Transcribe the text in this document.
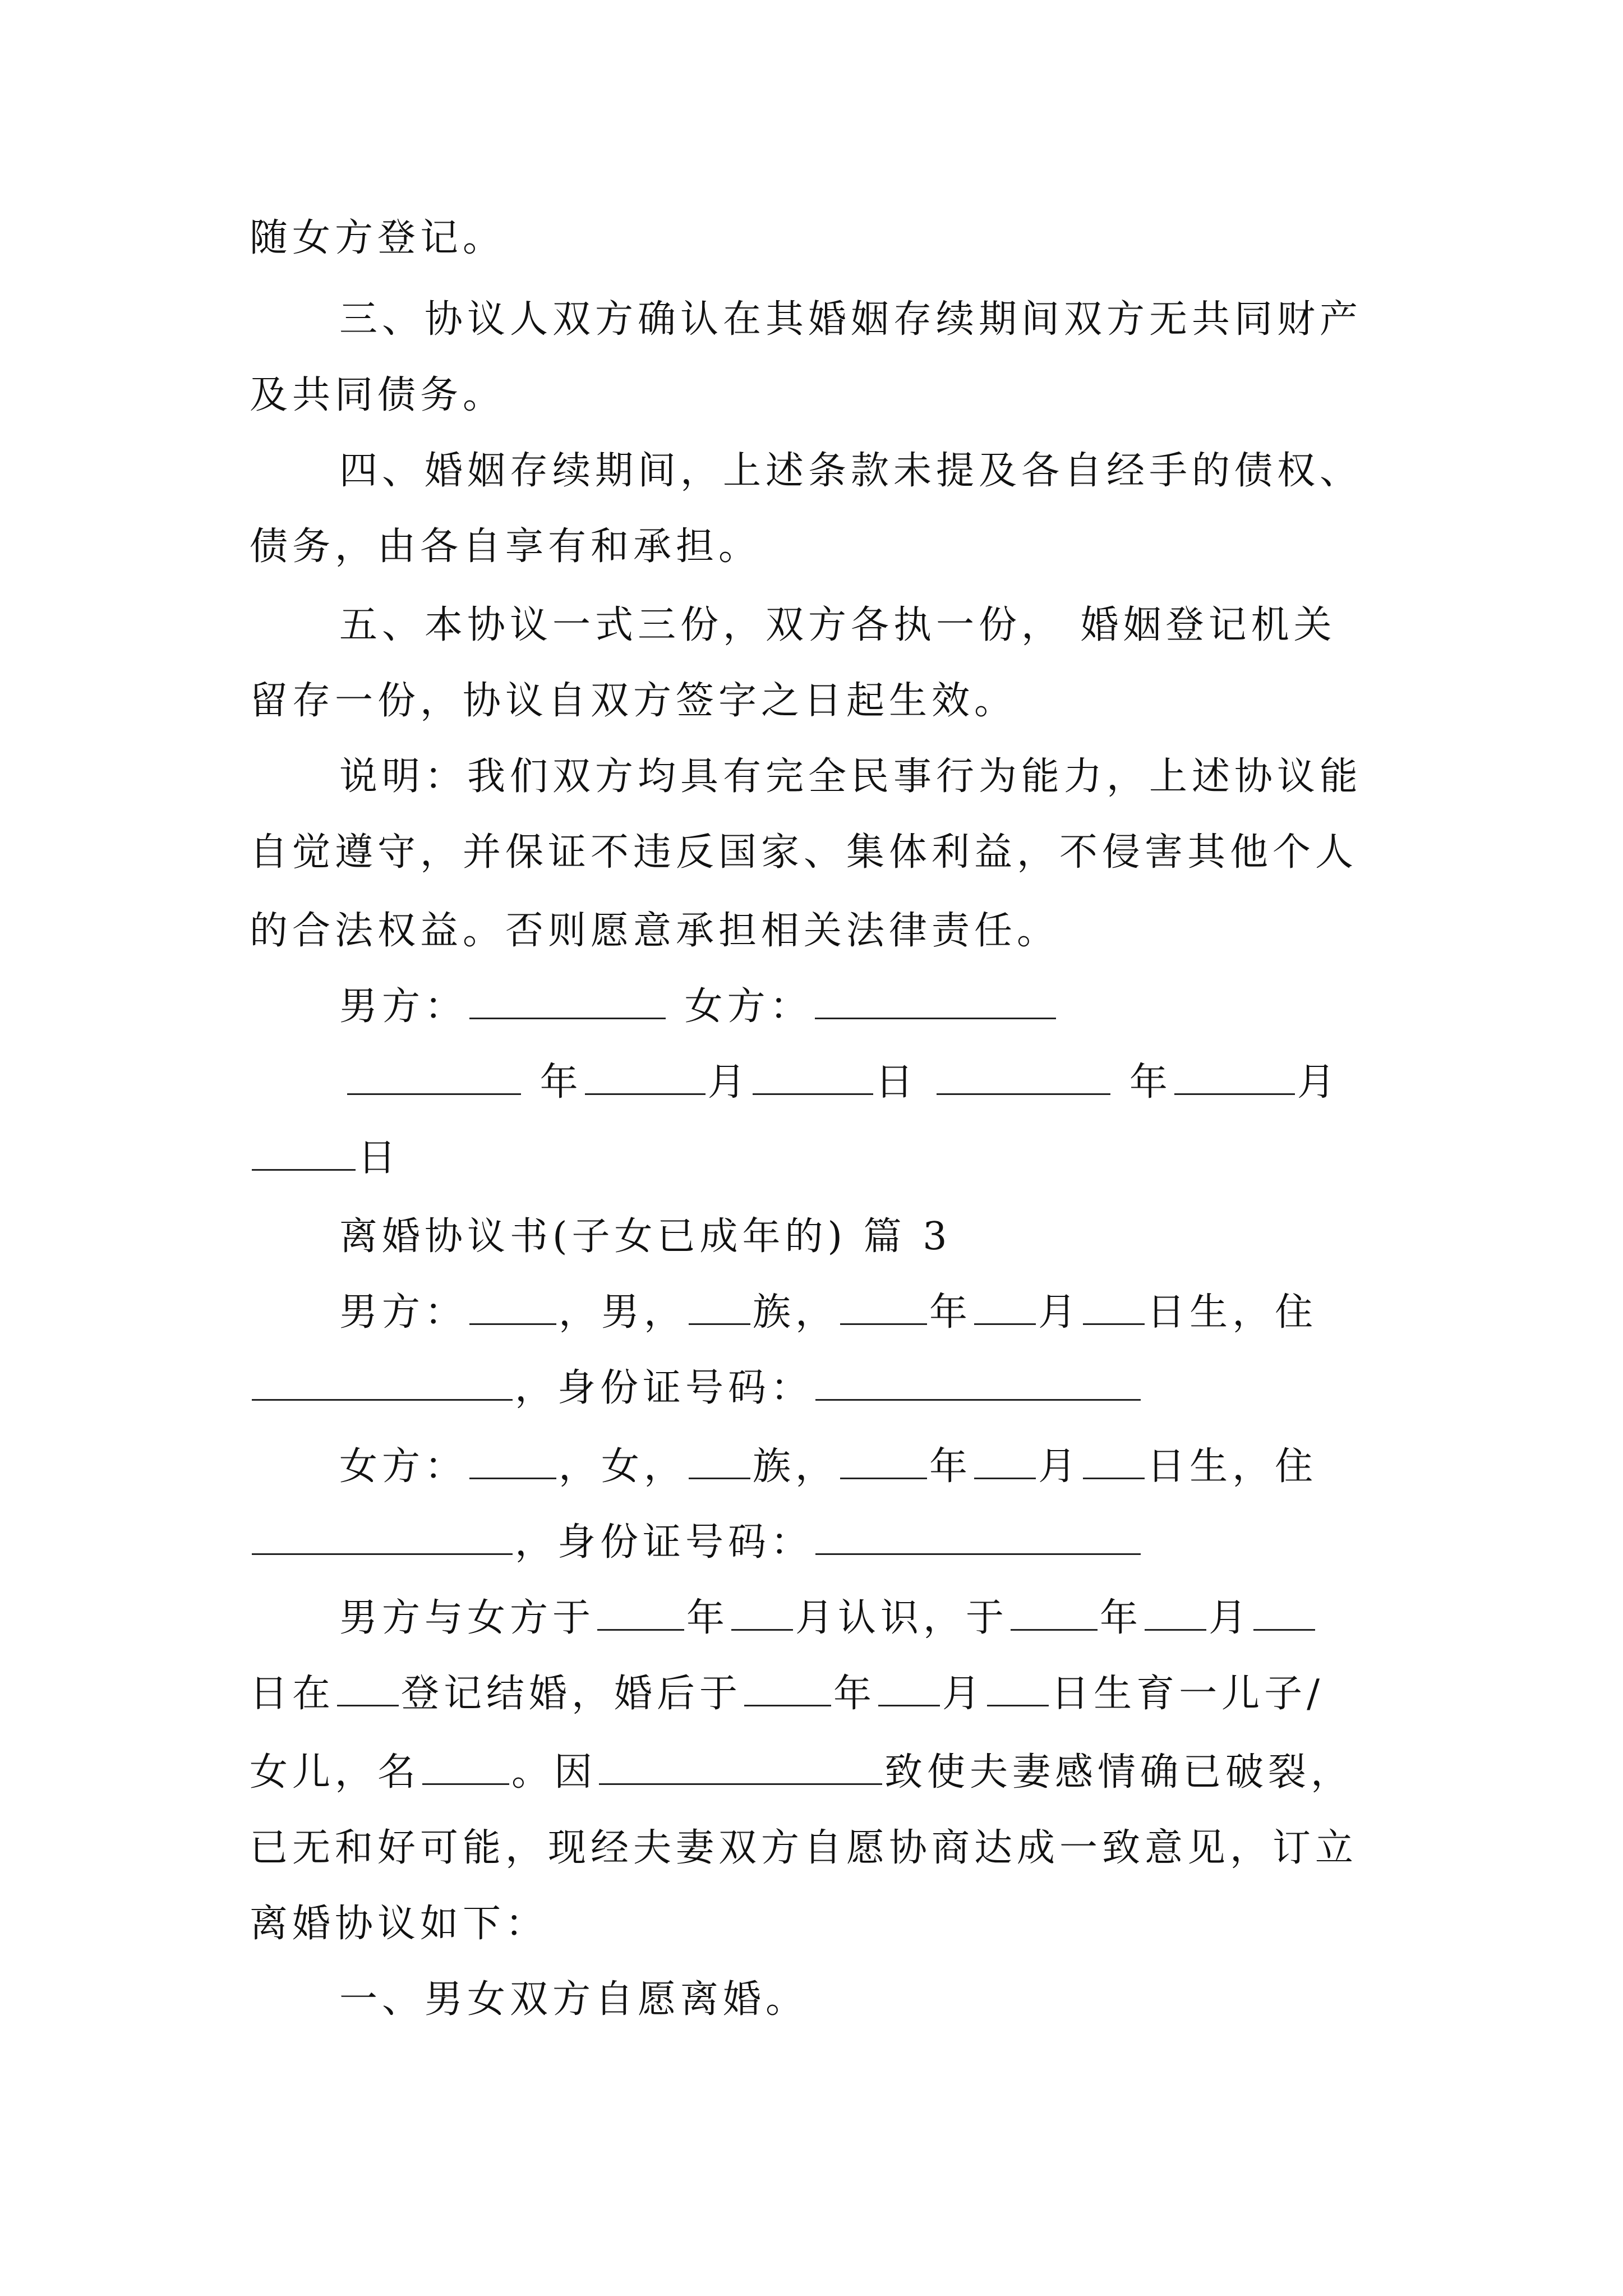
随女方登记。
三、协议人双方确认在其婚姻存续期间双方无共同财产
及共同债务。
四、婚姻存续期间，上述条款未提及各自经手的债权、
债务，由各自享有和承担。
五、本协议一式三份，双方各执一份， 婚姻登记机关
留存一份，协议自双方签字之日起生效。
说明：我们双方均具有完全民事行为能力，上述协议能
自觉遵守，并保证不违反国家、集体利益，不侵害其他个人
的合法权益。否则愿意承担相关法律责任。
男方：	女方：
年	月	日	年	月
日
离婚协议书(子女已成年的) 篇 3
男方： ，男， 族， 年 月 日生，住
，身份证号码：
女方： ，女， 族， 年 月 日生，住
，身份证号码：
男方与女方于 年 月认识，于 年 月
日在 登记结婚，婚后于 年 月 日生育一儿子/
女儿，名 。因	致使夫妻感情确已破裂，
已无和好可能，现经夫妻双方自愿协商达成一致意见，订立
离婚协议如下：
一、男女双方自愿离婚。
